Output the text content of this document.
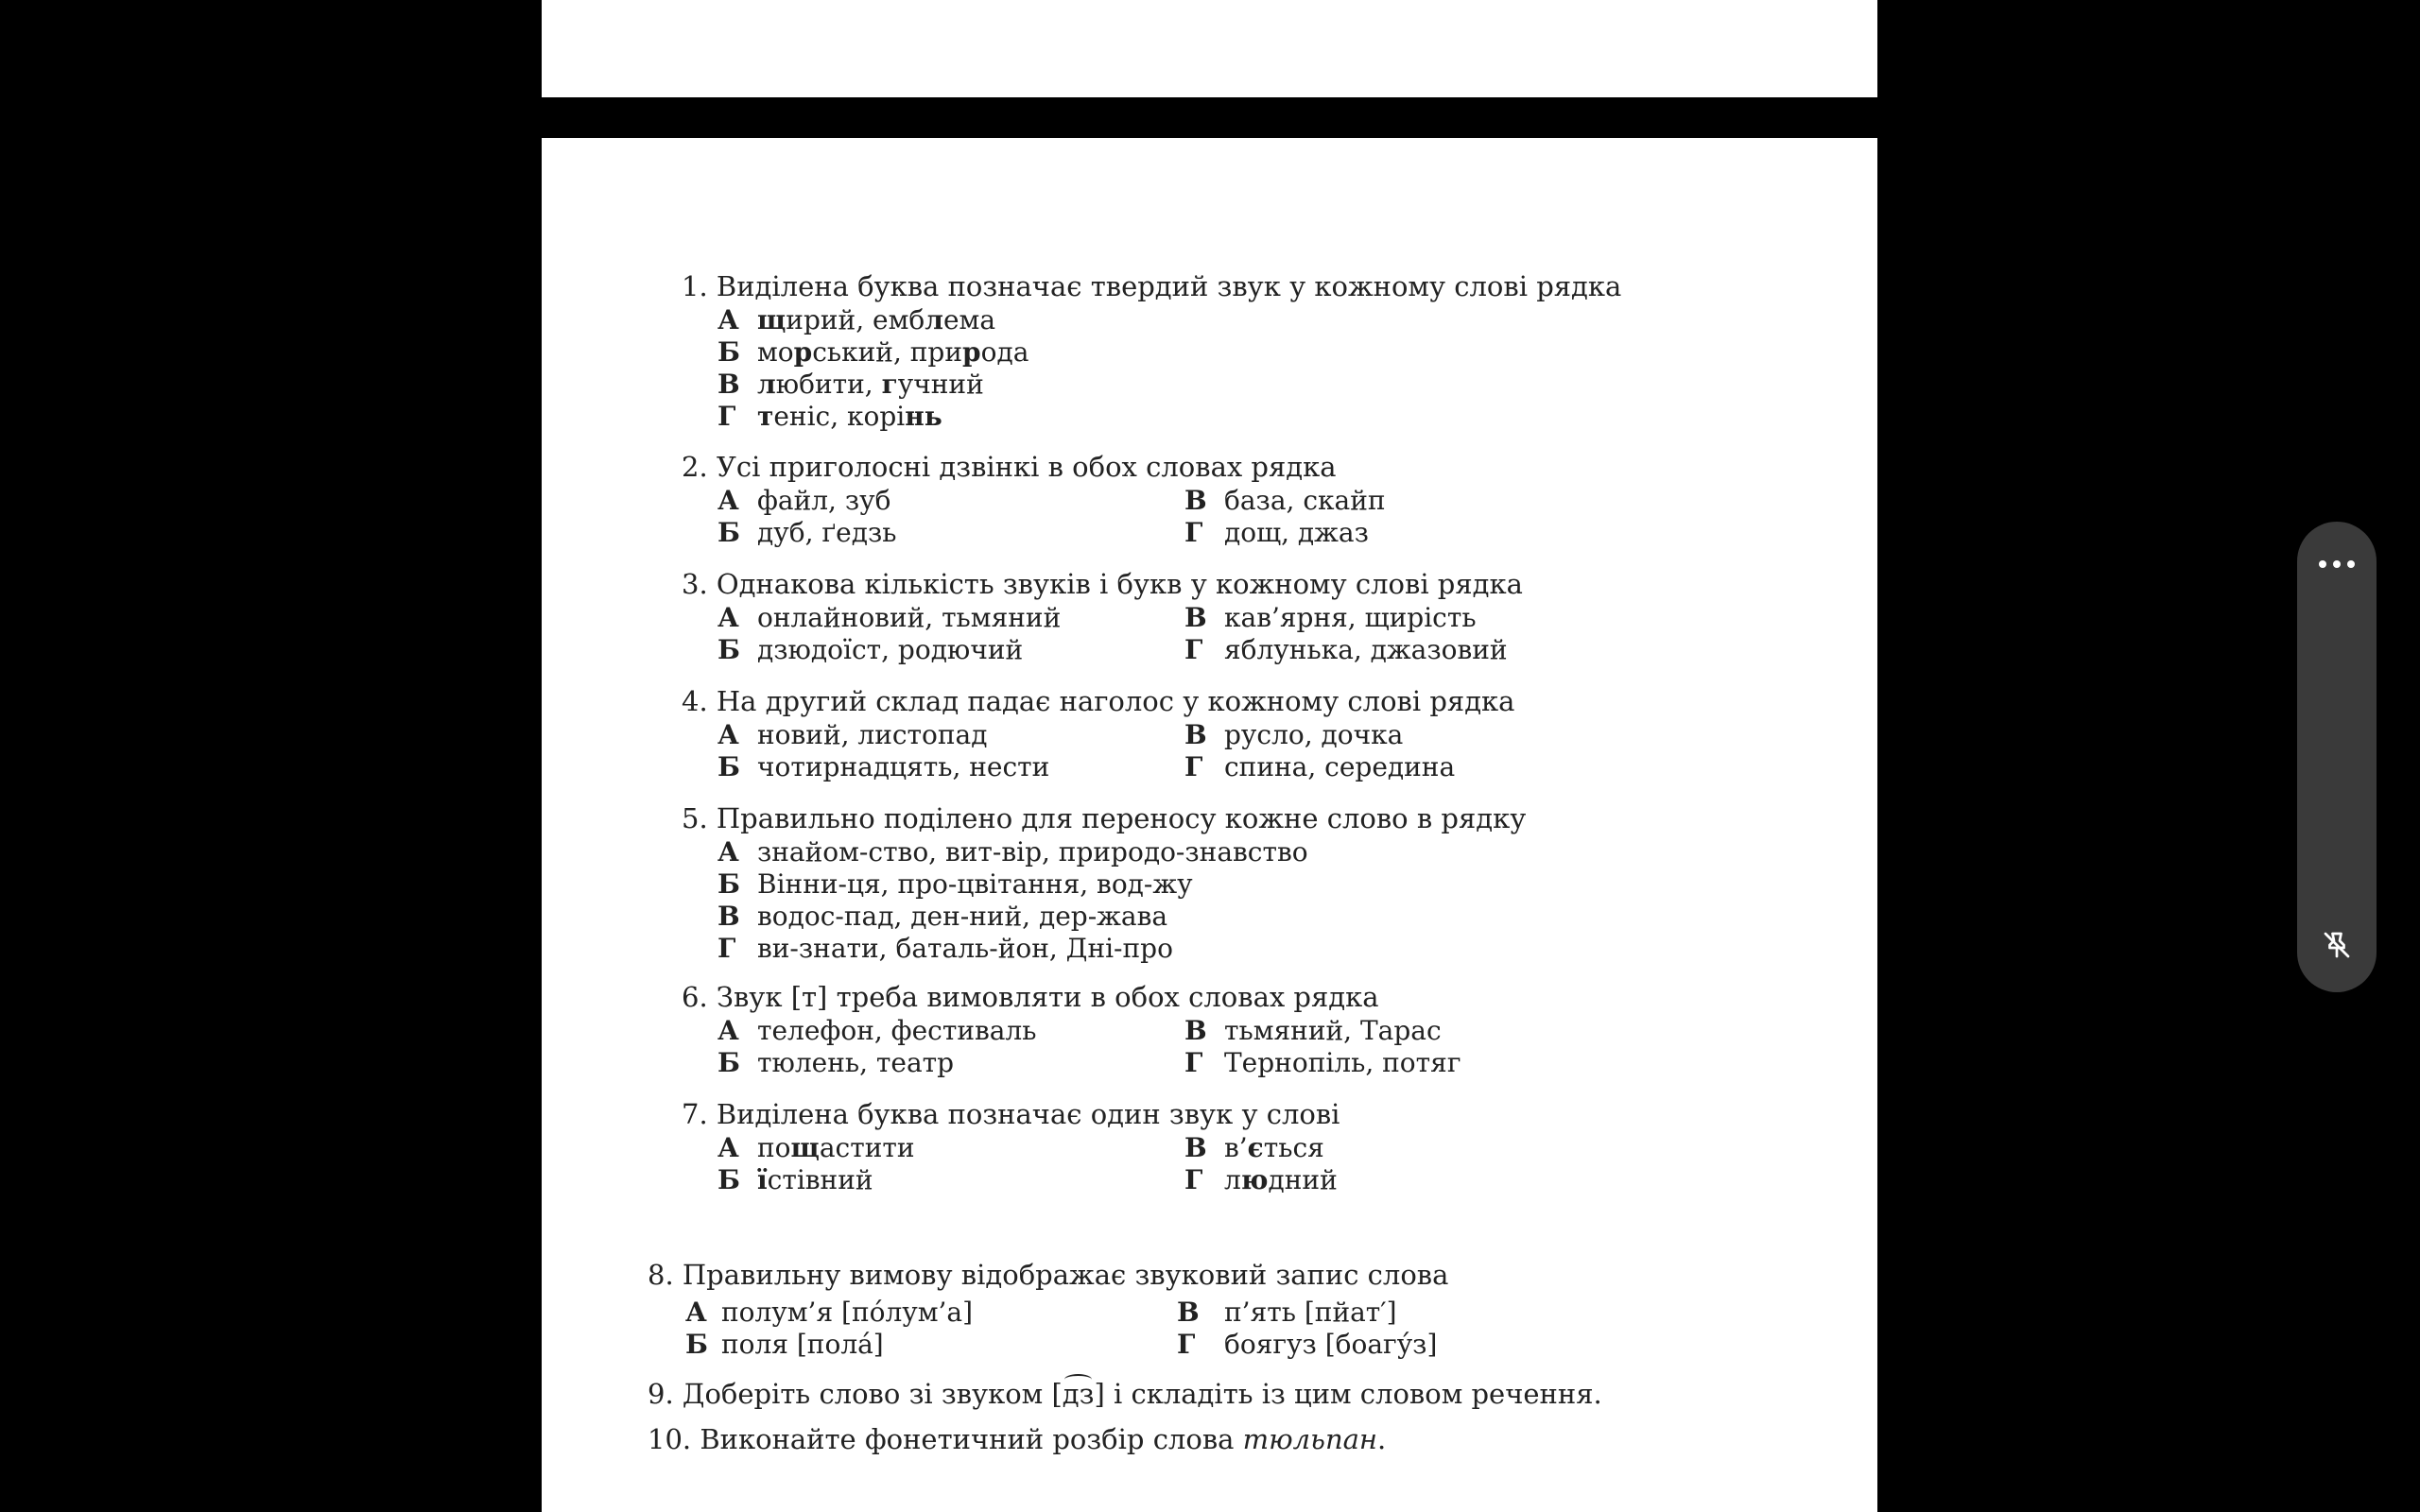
1. Виділена буква позначає твердий звук у кожному слові рядка
А щирий, емблема
Б морський, природа
В любити, гучний
Г теніс, корінь
2. Усі приголосні дзвінкі в обох словах рядка
А файл, зуб
Б дуб, ґедзь
В база, скайп
Г дощ, джаз
3. Однакова кількість звуків і букв у кожному слові рядка
А онлайновий, тьмяний
Б дзюдоїст, родючий
В кав’ярня, щирість
Г яблунька, джазовий
4. На другий склад падає наголос у кожному слові рядка
А новий, листопад
Б чотирнадцять, нести
В русло, дочка
Г спина, середина
5. Правильно поділено для переносу кожне слово в рядку
А знайом-ство, вит-вір, природо-знавство
Б Вінни-ця, про-цвітання, вод-жу
В водос-пад, ден-ний, дер-жава
Г ви-знати, баталь-йон, Дні-про
6. Звук [т] треба вимовляти в обох словах рядка
А телефон, фестиваль
Б тюлень, театр
В тьмяний, Тарас
Г Тернопіль, потяг
7. Виділена буква позначає один звук у слові
А пощастити
Б їстівний
В в’ється
Г людний
8. Правильну вимову відображає звуковий запис слова
А полум’я [по́лум’а]
Б поля [пола́]
В п’ять [пйат′]
Г боягуз [боагу́з]
9. Доберіть слово зі звуком [дз] і складіть із цим словом речення.
10. Виконайте фонетичний розбір слова тюльпан.
